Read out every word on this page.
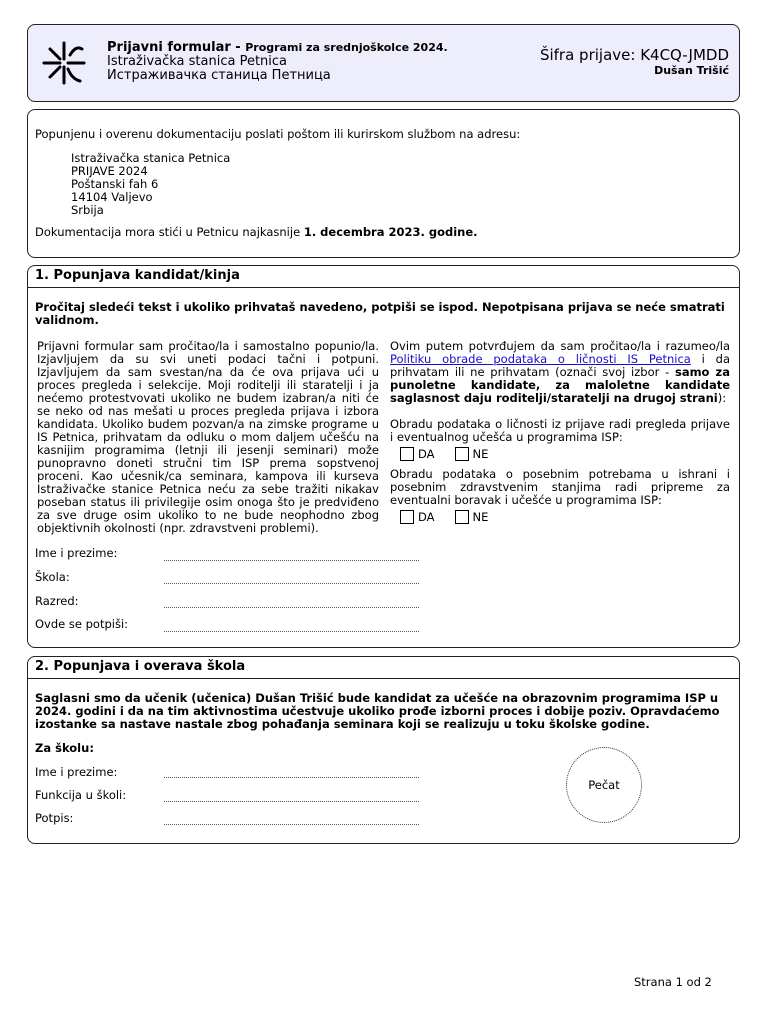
Prijavni formular - Programi za srednjoškolce 2024.
Istraživačka stanica Petnica
Истраживачка станица Петница
Šifra prijave: K4CQ-JMDD
Dušan Trišić
Popunjenu i overenu dokumentaciju poslati poštom ili kurirskom službom na adresu:
Istraživačka stanica Petnica
PRIJAVE 2024
Poštanski fah 6
14104 Valjevo
Srbija
Dokumentacija mora stići u Petnicu najkasnije 1. decembra 2023. godine.
1. Popunjava kandidat/kinja
Pročitaj sledeći tekst i ukoliko prihvataš navedeno, potpiši se ispod. Nepotpisana prijava se neće smatrati validnom.
Prijavni formular sam pročitao/la i samostalno popunio/la. Izjavljujem da su svi uneti podaci tačni i potpuni. Izjavljujem da sam svestan/na da će ova prijava ući u proces pregleda i selekcije. Moji roditelji ili staratelji i ja nećemo protestvovati ukoliko ne budem izabran/a niti će se neko od nas mešati u proces pregleda prijava i izbora kandidata. Ukoliko budem pozvan/a na zimske programe u IS Petnica, prihvatam da odluku o mom daljem učešću na kasnijim programima (letnji ili jesenji seminari) može punopravno doneti stručni tim ISP prema sopstvenoj proceni. Kao učesnik/ca seminara, kampova ili kurseva Istraživačke stanice Petnica neću za sebe tražiti nikakav poseban status ili privilegije osim onoga što je predviđeno za sve druge osim ukoliko to ne bude neophodno zbog objektivnih okolnosti (npr. zdravstveni problemi).
Ovim putem potvrđujem da sam pročitao/la i razumeo/la Politiku obrade podataka o ličnosti IS Petnica i da prihvatam ili ne prihvatam (označi svoj izbor - samo za punoletne kandidate, za maloletne kandidate saglasnost daju roditelji/staratelji na drugoj strani):
Obradu podataka o ličnosti iz prijave radi pregleda prijave i eventualnog učešća u programima ISP:
DA	NE
Obradu podataka o posebnim potrebama u ishrani i posebnim zdravstvenim stanjima radi pripreme za eventualni boravak i učešće u programima ISP:
DA	NE
Ime i prezime:
Škola:
Razred:
Ovde se potpiši:
2. Popunjava i overava škola
Saglasni smo da učenik (učenica) Dušan Trišić bude kandidat za učešće na obrazovnim programima ISP u 2024. godini i da na tim aktivnostima učestvuje ukoliko prođe izborni proces i dobije poziv. Opravdaćemo izostanke sa nastave nastale zbog pohađanja seminara koji se realizuju u toku školske godine.
Za školu:
Ime i prezime:
Funkcija u školi:
Potpis:
Pečat
Strana 1 od 2
